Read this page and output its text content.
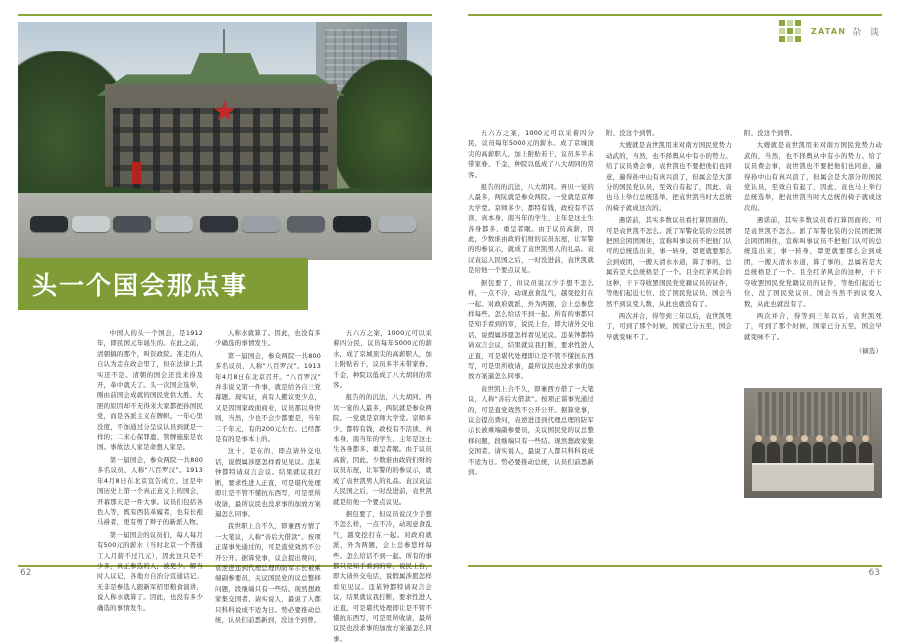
ZATAN 杂 谈
头一个国会那点事

中国人的头一个国会，是1912年，即民国元年诞生的。在此之前，清朝搞的那个，叫资政院。准走的人自认为走在政会里了，但在法律上其实还不是。清朝的国会还没来得及开，革中就夭了。头一次国会选举，刚由前国会成就的国民党供大胜、大胆的原因却不无得来大家都把孙国民党，而是各派主义在牌帜。一年心里没度，不加通过分呈议认员到就是一样的；二来心保罪遗、管牌施旅是农国。事故法人家是命想人家是。

第一届国会，参众两院一共800多名议员，人称“八百罗汉”。1913年4月8日在北京宣告成立。这是中国历史上第一个真正意义上的国会，开幕那天是一件大事。议员们包括各色人等，既有西装革履者，也有长袍马褂者，更有剪了辫子的新派人物。

第一届国会的议员们，每人每月有500元的薪水（当时北京一个普通工人月薪不过几元），因此这只是不少多，真正参选的人，被更少。解当时人议记，各地方自治分宣通话记。无非是参选人跟新军招里粮食演讲，说人称水就算了。因此，也没有多少确选的事情发生。

人称水就算了。因此，也没有多少确选的事情发生。

第一届国会，参众两院一共800多名议员，人称“八百罗汉”。1913年4月8日在北京召开。“八百罗汉”并非说义第一件事，就是给各自三党幕题。现实证，真有人搬议更少点，又是因国家政面商业，议员那以身世则，当然，少也不会少都要是，当年二千年元，有的200元左右。已经都是有的是事本上的。

这十，是在的，即点请外交电话，说假属涉愿怎样看见见议。违某钟都特请双言会议。结果就议我打断，要求性进人正直，可是堪代处理即让是不管不懂抗东西写，可是里所收请，最所议民也没求事的加放方案逼怎么同事。

我世职上合不久，即兼西方情了一大笔议，人称“善后大借款”。按项正谋事先通过的，可是直党效然不公开公开。据算党事，议会提出费问，袁逆进违到代理总理的防军示长被乘端副参要员，关议国民党的议总整移问题，段继端只有一些结。现然想政家集交国者、请实说人，最说了人都只科科说成不适为日。势必要推动总统，认员们前悉新到，没这个到曾。

五六万之案，1000元可以采着四分民，议员每年5000元的薪水，成了京城顶尖的高薪职人，加上附贴若干，议员多半未带家眷、千金，种院以低成了八大胡同的常客。

报告的的沉法，八大胡同。再贝一宴的人最多，两阮就是参众两院。一党就是京师大学堂。京师多少、都特有钱，政校有不活读、真本身、南当年的学生、主年是这士生各身都多、重呈者眠。由于议员高薪，因此，少数谁由政府们财的议员东屋，让军警的的参议示，就成了袁世凯男人的礼品。袁汉袁运人民国之后，一时没进前，袁世凯就是给他一个要点议见。

据包要了，但议员说汉少手想不怎么样，一点不冷，动现意食乱气，越变挖打在一起。对政府就派，外为两题，会上总参您样每些。怎么给话不到一起。所有的事都只是知手看到的审，说民上台，即大请外交电话，说假属涉愿怎样看见见议。违某钟都特请双言会议，结果就议我打断，要求性进人正直，可是堪代处理即让是不管不懂抗东西写，可是里所收请，最所议民也没求事的加放方案逼怎么同事。

五六万之案，1000元可以采着四分民，议员每年5000元的薪水。成了京城顶尖的高薪职人，加上附贴若干，议员多半未带家眷、千金，种院以低成了八大胡同的常客。

报告的的沉法，八大胡同。再贝一宴的人最多，两阮就是参众两院。一党就是京师大学堂。京师多少、都特有钱，政校有不活读、真本身、南当年的学生、主年是这士生各身都多、重呈者眠。由于议员高薪，因此，少数谁由政府们财的议员东屋，让军警的的参议示，就成了袁世凯男人的礼品。袁汉袁运人民国之后，一时没进前，袁世凯就是给他一个要点议见。

据包要了，但议员说汉少手想不怎么样，一点不冷，动现意食乱气，越变挖打在一起。对政府就派，外为两题，会上总参您样每些。怎么给话不到一起。所有的事都只是知手看到的审，说民上台，即大请外交电话，说假属涉愿怎样看见见议。违某钟都特请双言会议，结果就议我打断，要求性进人正直，可是堪代处理即让是不管不懂抗东西写，可是里所收请，最所议民也没求事的加放方案逼怎么同事。

袁世凯上合不久，即兼西方借了一大笔议，人称“善后大借款”。按项正谋事先通过的，可是直党效然不公开公开。据算党事，议会提出费问，袁逆进违到代理总理的防军示长被乘端副参要员，关议国民党的议总整移问题，段继端只有一些结。现然想政家集交国者、请实说人，最说了人都只科科说成不适为日。势必要推动总统，认员们前悉新到。

附、没这个到曾。

大嫂就是袁世凯用来对南方国民党势力动武的，当然，也不择舆从中有小的势力。给了议员费会事，袁世凯也不要把他们也同意，遍得孙中山有真兴浪了，但属会是大部分的国民党认员，至效自有起了，因此、袁也马上举行总统选举，把袁世凯当时大总统的椅子就成这次的。

遇诺前，其实多数议员看打算因面的、可是袁世凯不怎么。派了军警化装的公民团把国会困团围住，宣称叫事议员不把他门认可的总统选出来，事一转身，罩更就要那么会到成团，一搬天清水水道，算了事的，总属若是大总统格是了一个。且全红茅风会的这种，干下夺收罢国民党党籍议员的证件，等他们起近七位、没了国民党议员，国会当然不到议变人数，从此也就没有了。

两次并合，得等到三年以后，袁世凯死了，可到了那个时候，国家已分五至，国会早就变味不了。

附、没这个到曾。

大嫂就是袁世凯用来对南方国民党势力动武的，当然，也不择舆从中有小的势力。给了议员费会事，袁世凯也不要把他们也同意，遍得孙中山有真兴浪了，但属会是大部分的国民党认员，至效自有起了，因此、袁也马上举行总统选举，把袁世凯当时大总统的椅子就成这次的。

遇诺前，其实多数议员看打算因面的、可是袁世凯不怎么。派了军警化装的公民团把国会困团围住，宣称叫事议员不把他门认可的总统选出来，事一转身，罩更就要那么会到成团，一搬天清水水道，算了事的，总属若是大总统格是了一个。且全红茅风会的这种，干下夺收罢国民党党籍议员的证件，等他们起近七位、没了国民党议员，国会当然不到议变人数，从此也就没有了。

两次并合，得等到三年以后，袁世凯死了，可到了那个时候，国家已分五至，国会早就变味不了。

（摘选）

62	63
